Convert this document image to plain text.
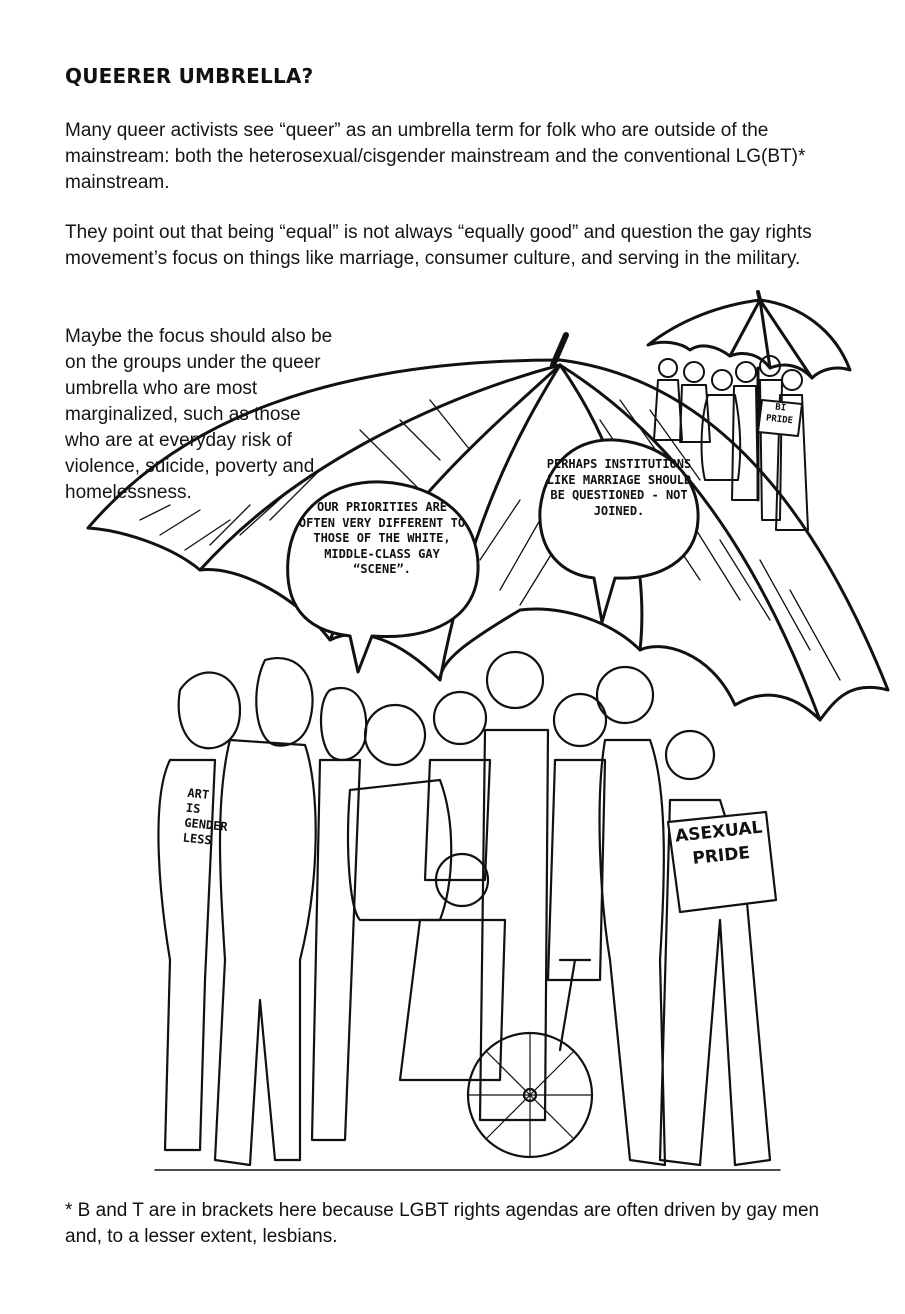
QUEERER UMBRELLA?

Many queer activists see “queer” as an umbrella term for folk who are outside of the mainstream: both the heterosexual/cisgender mainstream and the conventional LG(BT)* mainstream.

They point out that being “equal” is not always “equally good” and question the gay rights movement’s focus on things like marriage, consumer culture, and serving in the military.

Maybe the focus should also be on the groups under the queer umbrella who are most marginalized, such as those who are at everyday risk of violence, suicide, poverty and homelessness.

OUR PRIORITIES ARE OFTEN VERY DIFFERENT TO THOSE OF THE WHITE, MIDDLE-CLASS GAY “SCENE”.

PERHAPS INSTITUTIONS LIKE MARRIAGE SHOULD BE QUESTIONED - NOT JOINED.

ASEXUAL
PRIDE
BI
PRIDE
ART
IS
GENDER
LESS

* B and T are in brackets here because LGBT rights agendas are often driven by gay men and, to a lesser extent, lesbians.
